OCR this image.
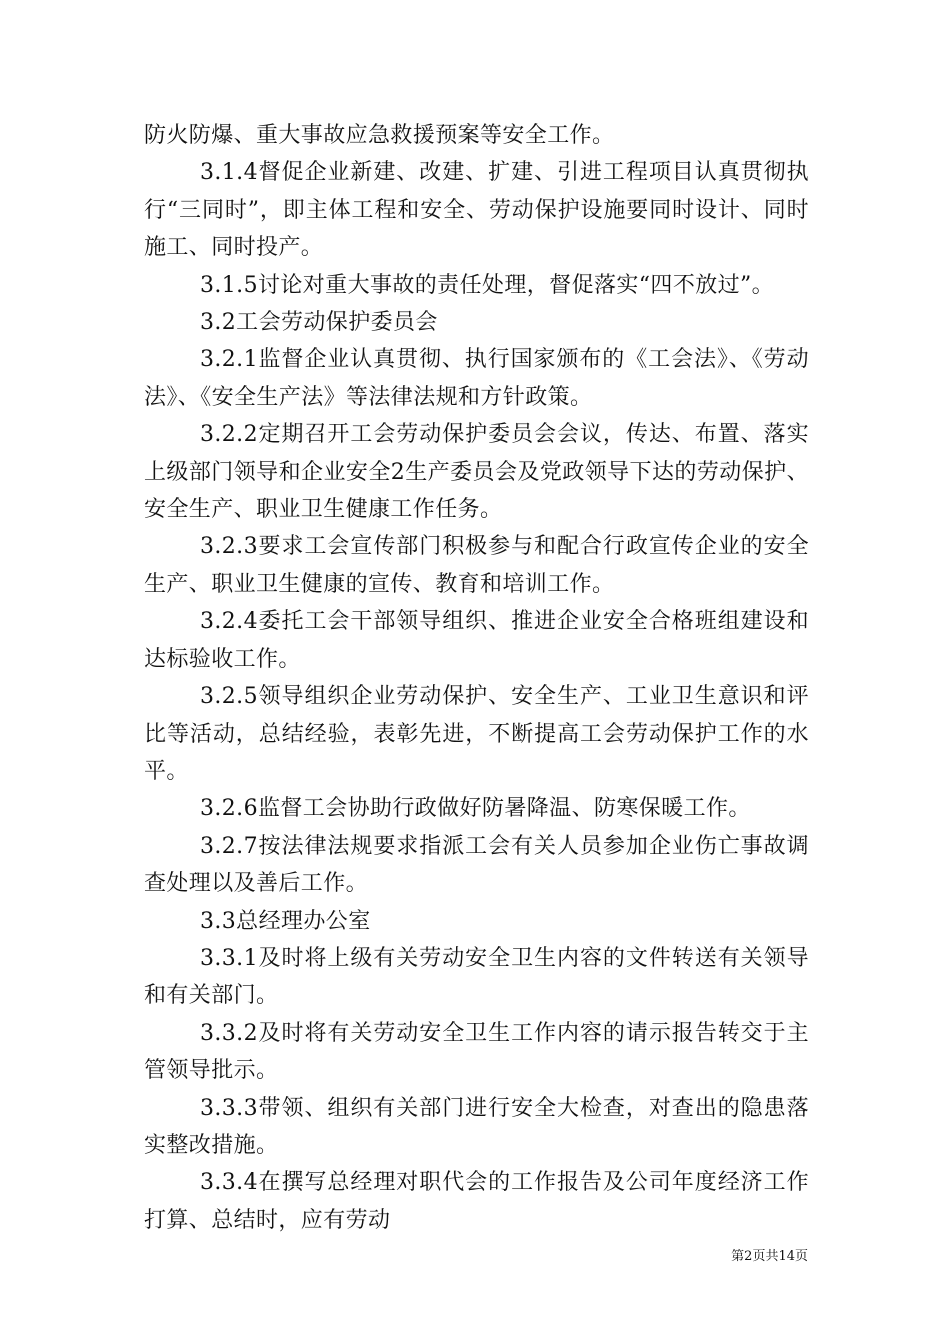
防火防爆、重大事故应急救援预案等安全工作。

3.1.4督促企业新建、改建、扩建、引进工程项目认真贯彻执行“三同时”，即主体工程和安全、劳动保护设施要同时设计、同时施工、同时投产。

3.1.5讨论对重大事故的责任处理，督促落实“四不放过”。

3.2工会劳动保护委员会

3.2.1监督企业认真贯彻、执行国家颁布的《工会法》、《劳动法》、《安全生产法》等法律法规和方针政策。

3.2.2定期召开工会劳动保护委员会会议，传达、布置、落实上级部门领导和企业安全2生产委员会及党政领导下达的劳动保护、安全生产、职业卫生健康工作任务。

3.2.3要求工会宣传部门积极参与和配合行政宣传企业的安全生产、职业卫生健康的宣传、教育和培训工作。

3.2.4委托工会干部领导组织、推进企业安全合格班组建设和达标验收工作。

3.2.5领导组织企业劳动保护、安全生产、工业卫生意识和评比等活动，总结经验，表彰先进，不断提高工会劳动保护工作的水平。

3.2.6监督工会协助行政做好防暑降温、防寒保暖工作。

3.2.7按法律法规要求指派工会有关人员参加企业伤亡事故调查处理以及善后工作。

3.3总经理办公室

3.3.1及时将上级有关劳动安全卫生内容的文件转送有关领导和有关部门。

3.3.2及时将有关劳动安全卫生工作内容的请示报告转交于主管领导批示。

3.3.3带领、组织有关部门进行安全大检查，对查出的隐患落实整改措施。

3.3.4在撰写总经理对职代会的工作报告及公司年度经济工作打算、总结时，应有劳动

第2页共14页
